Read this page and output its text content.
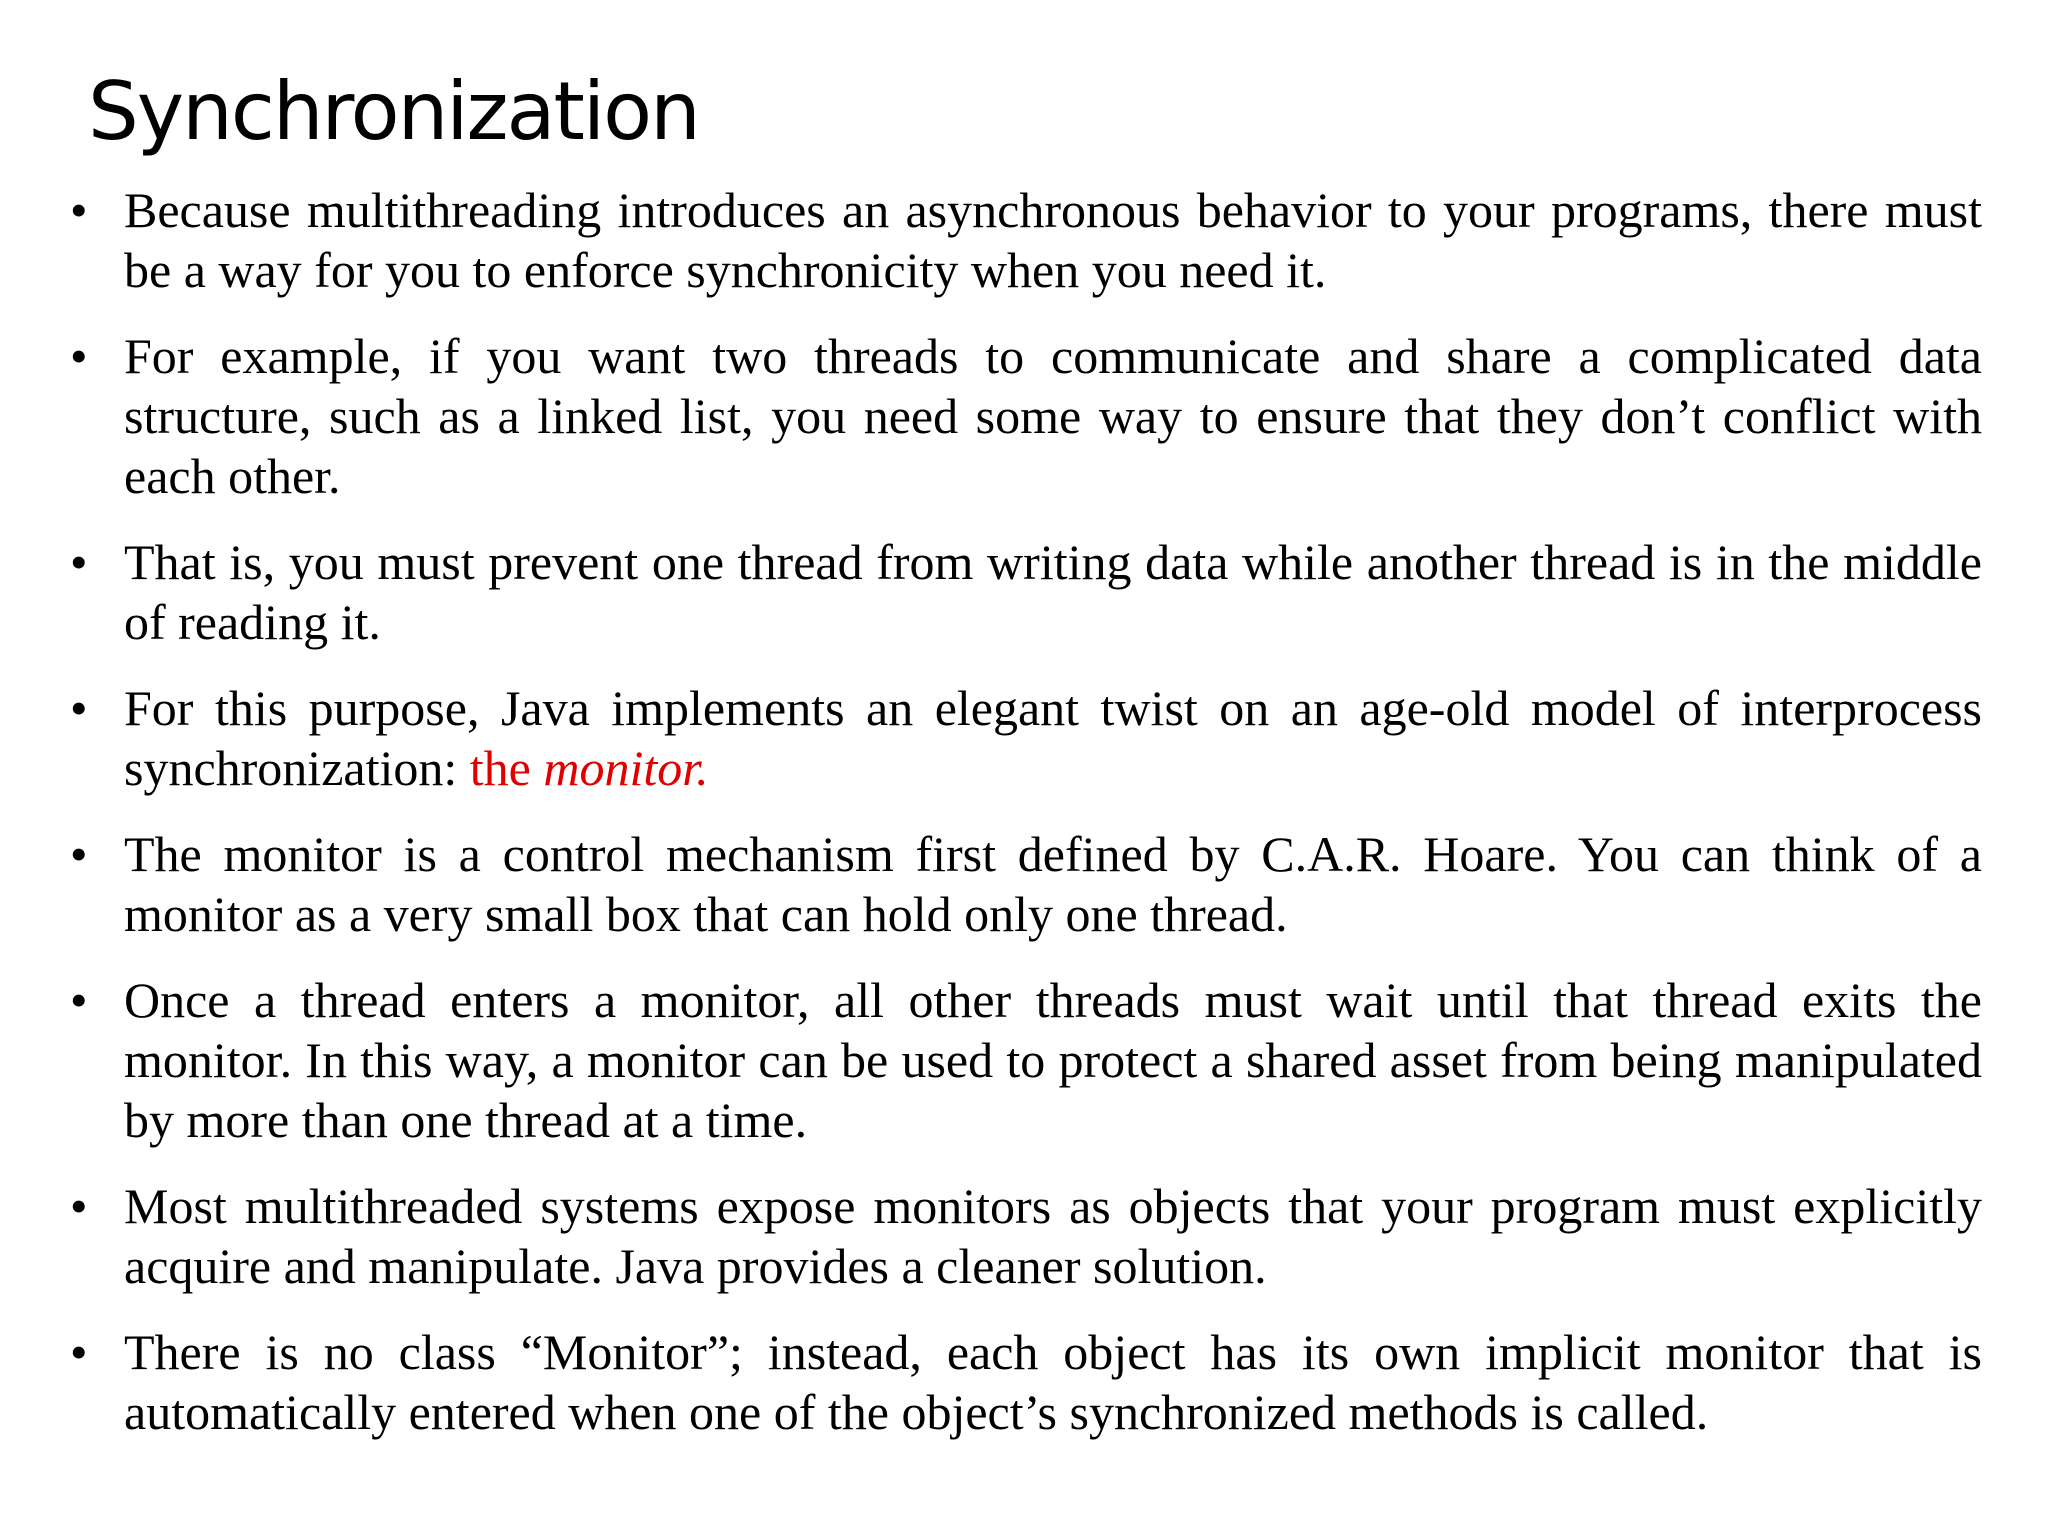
Synchronization
• Because multithreading introduces an asynchronous behavior to your programs, there must be a way for you to enforce synchronicity when you need it.
• For example, if you want two threads to communicate and share a complicated data structure, such as a linked list, you need some way to ensure that they don’t conflict with each other.
• That is, you must prevent one thread from writing data while another thread is in the middle of reading it.
• For this purpose, Java implements an elegant twist on an age-old model of interprocess synchronization: the monitor.
• The monitor is a control mechanism first defined by C.A.R. Hoare. You can think of a monitor as a very small box that can hold only one thread.
• Once a thread enters a monitor, all other threads must wait until that thread exits the monitor. In this way, a monitor can be used to protect a shared asset from being manipulated by more than one thread at a time.
• Most multithreaded systems expose monitors as objects that your program must explicitly acquire and manipulate. Java provides a cleaner solution.
• There is no class “Monitor”; instead, each object has its own implicit monitor that is automatically entered when one of the object’s synchronized methods is called.
